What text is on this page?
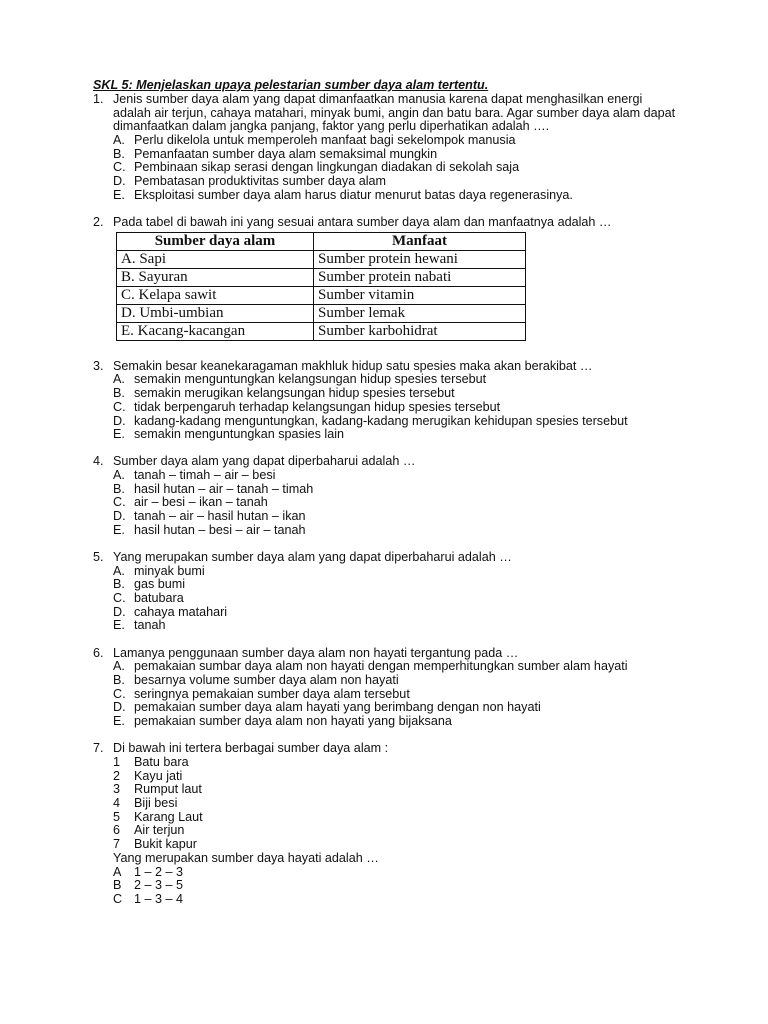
SKL 5: Menjelaskan upaya pelestarian sumber daya alam tertentu.
1. Jenis sumber daya alam yang dapat dimanfaatkan manusia karena dapat menghasilkan energi adalah air terjun, cahaya matahari, minyak bumi, angin dan batu bara. Agar sumber daya alam dapat dimanfaatkan dalam jangka panjang, faktor yang perlu diperhatikan adalah ….
A. Perlu dikelola untuk memperoleh manfaat bagi sekelompok manusia
B. Pemanfaatan sumber daya alam semaksimal mungkin
C. Pembinaan sikap serasi dengan lingkungan diadakan di sekolah saja
D. Pembatasan produktivitas sumber daya alam
E. Eksploitasi sumber daya alam harus diatur menurut batas daya regenerasinya.
2. Pada tabel di bawah ini yang sesuai antara sumber daya alam dan manfaatnya adalah …
Sumber daya alam	Manfaat
A. Sapi	Sumber protein hewani
B. Sayuran	Sumber protein nabati
C. Kelapa sawit	Sumber vitamin
D. Umbi-umbian	Sumber lemak
E. Kacang-kacangan	Sumber karbohidrat
3. Semakin besar keanekaragaman makhluk hidup satu spesies maka akan berakibat …
A. semakin menguntungkan kelangsungan hidup spesies tersebut
B. semakin merugikan kelangsungan hidup spesies tersebut
C. tidak berpengaruh terhadap kelangsungan hidup spesies tersebut
D. kadang-kadang menguntungkan, kadang-kadang merugikan kehidupan spesies tersebut
E. semakin menguntungkan spasies lain
4. Sumber daya alam yang dapat diperbaharui adalah …
A. tanah – timah – air – besi
B. hasil hutan – air – tanah – timah
C. air – besi – ikan – tanah
D. tanah – air – hasil hutan – ikan
E. hasil hutan – besi – air – tanah
5. Yang merupakan sumber daya alam yang dapat diperbaharui adalah …
A. minyak bumi
B. gas bumi
C. batubara
D. cahaya matahari
E. tanah
6. Lamanya penggunaan sumber daya alam non hayati tergantung pada …
A. pemakaian sumbar daya alam non hayati dengan memperhitungkan sumber alam hayati
B. besarnya volume sumber daya alam non hayati
C. seringnya pemakaian sumber daya alam tersebut
D. pemakaian sumber daya alam hayati yang berimbang dengan non hayati
E. pemakaian sumber daya alam non hayati yang bijaksana
7. Di bawah ini tertera berbagai sumber daya alam :
1 Batu bara
2 Kayu jati
3 Rumput laut
4 Biji besi
5 Karang Laut
6 Air terjun
7 Bukit kapur
Yang merupakan sumber daya hayati adalah …
A 1 – 2 – 3
B 2 – 3 – 5
C 1 – 3 – 4
